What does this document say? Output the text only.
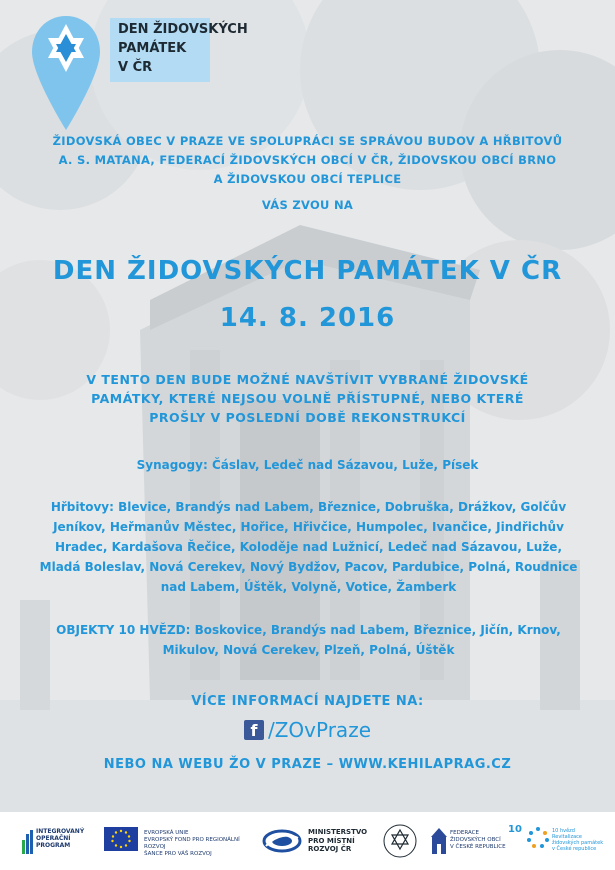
DEN ŽIDOVSKÝCH
PAMÁTEK
V ČR
ŽIDOVSKÁ OBEC V PRAZE VE SPOLUPRÁCI SE SPRÁVOU BUDOV A HŘBITOVŮ
A. S. MATANA, FEDERACÍ ŽIDOVSKÝCH OBCÍ V ČR, ŽIDOVSKOU OBCÍ BRNO
A ŽIDOVSKOU OBCÍ TEPLICE
VÁS ZVOU NA
DEN ŽIDOVSKÝCH PAMÁTEK V ČR
14. 8. 2016
V TENTO DEN BUDE MOŽNÉ NAVŠTÍVIT VYBRANÉ ŽIDOVSKÉ
PAMÁTKY, KTERÉ NEJSOU VOLNĚ PŘÍSTUPNÉ, NEBO KTERÉ
PROŠLY V POSLEDNÍ DOBĚ REKONSTRUKCÍ
Synagogy: Čáslav, Ledeč nad Sázavou, Luže, Písek
Hřbitovy: Blevice, Brandýs nad Labem, Březnice, Dobruška, Drážkov, Golčův Jeníkov, Heřmanův Městec, Hořice, Hřivčice, Humpolec, Ivančice, Jindřichův Hradec, Kardašova Řečice, Koloděje nad Lužnicí, Ledeč nad Sázavou, Luže, Mladá Boleslav, Nová Cerekev, Nový Bydžov, Pacov, Pardubice, Polná, Roudnice nad Labem, Úštěk, Volyně, Votice, Žamberk
OBJEKTY 10 HVĚZD: Boskovice, Brandýs nad Labem, Březnice, Jičín, Krnov, Mikulov, Nová Cerekev, Plzeň, Polná, Úštěk
VÍCE INFORMACÍ NAJDETE NA:
f /ZOvPraze
NEBO NA WEBU ŽO V PRAZE – WWW.KEHILAPRAG.CZ
INTEGROVANÝ OPERAČNÍ PROGRAM
EVROPSKÁ UNIE
EVROPSKÝ FOND PRO REGIONÁLNÍ ROZVOJ
ŠANCE PRO VÁŠ ROZVOJ
MINISTERSTVO
PRO MÍSTNÍ
ROZVOJ ČR
FEDERACE
ŽIDOVSKÝCH OBCÍ
V ČESKÉ REPUBLICE
10	10 hvězd
Revitalizace židovských památek
v České republice
